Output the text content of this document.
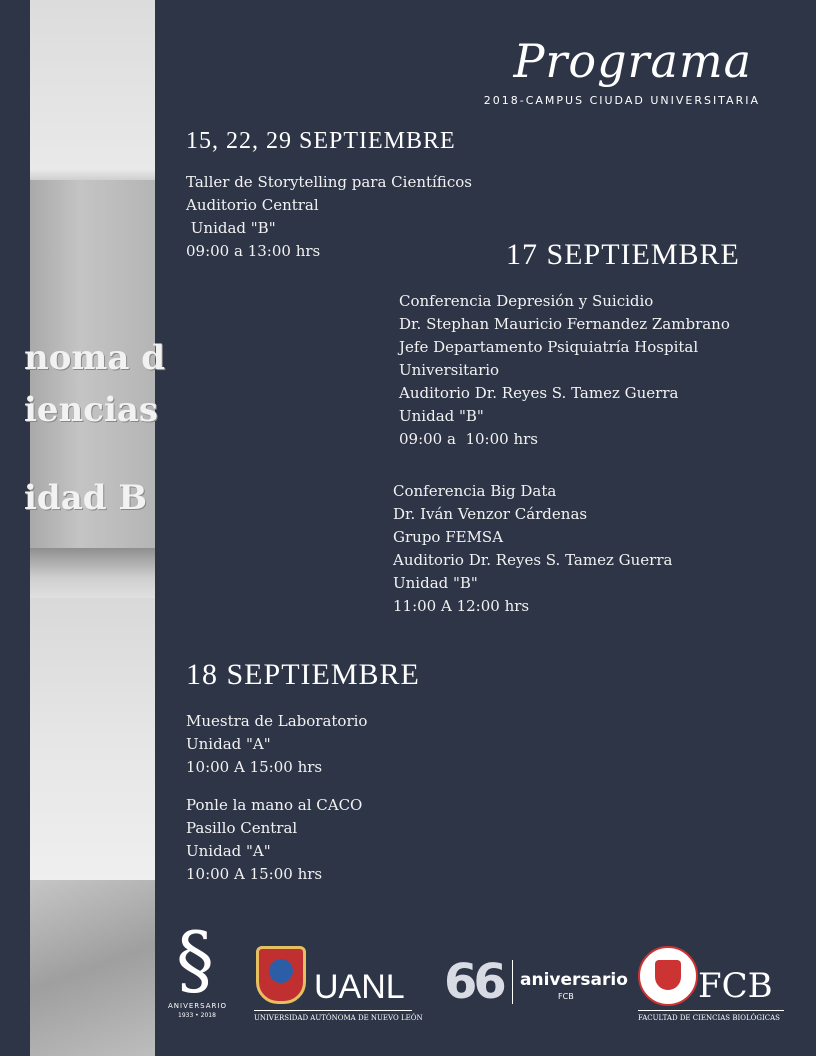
noma d
iencias
idad B
Programa
2018-CAMPUS CIUDAD UNIVERSITARIA
15, 22, 29 SEPTIEMBRE
Taller de Storytelling para Científicos
Auditorio Central
Unidad "B"
09:00 a 13:00 hrs	17 SEPTIEMBRE
Conferencia Depresión y Suicidio
Dr. Stephan Mauricio Fernandez Zambrano
Jefe Departamento Psiquiatría Hospital
Universitario
Auditorio Dr. Reyes S. Tamez Guerra
Unidad "B"
09:00 a  10:00 hrs
Conferencia Big Data
Dr. Iván Venzor Cárdenas
Grupo FEMSA
Auditorio Dr. Reyes S. Tamez Guerra
Unidad "B"
11:00 A 12:00 hrs
18 SEPTIEMBRE
Muestra de Laboratorio
Unidad "A"
10:00 A 15:00 hrs
Ponle la mano al CACO
Pasillo Central
Unidad "A"
10:00 A 15:00 hrs
§
ANIVERSARIO
1933 • 2018
UANL
UNIVERSIDAD AUTÓNOMA DE NUEVO LEÓN
66 aniversario
FCB	FCB
FACULTAD DE CIENCIAS BIOLÓGICAS
